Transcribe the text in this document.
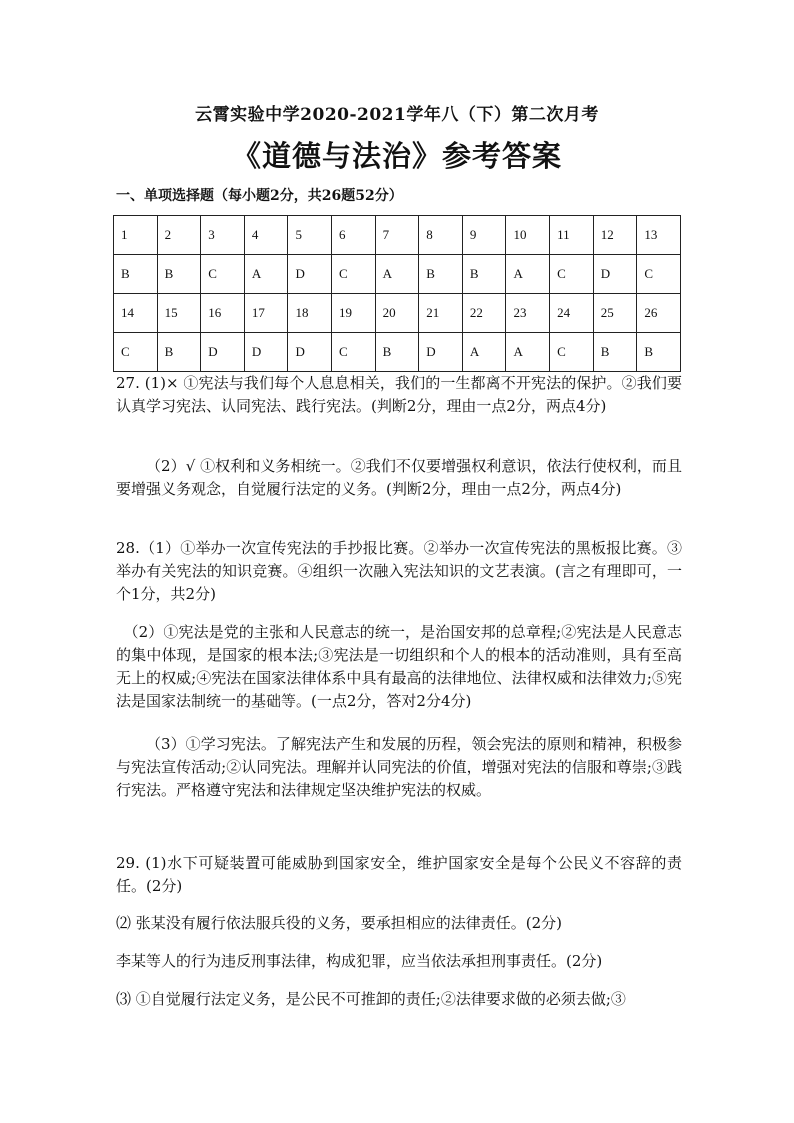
云霄实验中学2020-2021学年八（下）第二次月考
《道德与法治》参考答案
一、单项选择题（每小题2分，共26题52分）
1	2	3	4	5	6	7	8	9	10	11	12	13
B	B	C	A	D	C	A	B	B	A	C	D	C
14	15	16	17	18	19	20	21	22	23	24	25	26
C	B	D	D	D	C	B	D	A	A	C	B	B
27. (1)× ①宪法与我们每个人息息相关，我们的一生都离不开宪法的保护。②我们要认真学习宪法、认同宪法、践行宪法。(判断2分，理由一点2分，两点4分)
（2）√ ①权利和义务相统一。②我们不仅要增强权利意识，依法行使权利，而且要增强义务观念，自觉履行法定的义务。(判断2分，理由一点2分，两点4分)
28.（1）①举办一次宣传宪法的手抄报比赛。②举办一次宣传宪法的黑板报比赛。③举办有关宪法的知识竞赛。④组织一次融入宪法知识的文艺表演。(言之有理即可，一个1分，共2分)
（2）①宪法是党的主张和人民意志的统一，是治国安邦的总章程;②宪法是人民意志的集中体现，是国家的根本法;③宪法是一切组织和个人的根本的活动准则，具有至高无上的权威;④宪法在国家法律体系中具有最高的法律地位、法律权威和法律效力;⑤宪法是国家法制统一的基础等。(一点2分，答对2分4分)
（3）①学习宪法。了解宪法产生和发展的历程，领会宪法的原则和精神，积极参与宪法宣传活动;②认同宪法。理解并认同宪法的价值，增强对宪法的信服和尊崇;③践行宪法。严格遵守宪法和法律规定坚决维护宪法的权威。
29. (1)水下可疑装置可能威胁到国家安全，维护国家安全是每个公民义不容辞的责任。(2分)
⑵ 张某没有履行依法服兵役的义务，要承担相应的法律责任。(2分)
李某等人的行为违反刑事法律，构成犯罪，应当依法承担刑事责任。(2分)
⑶ ①自觉履行法定义务，是公民不可推卸的责任;②法律要求做的必须去做;③
